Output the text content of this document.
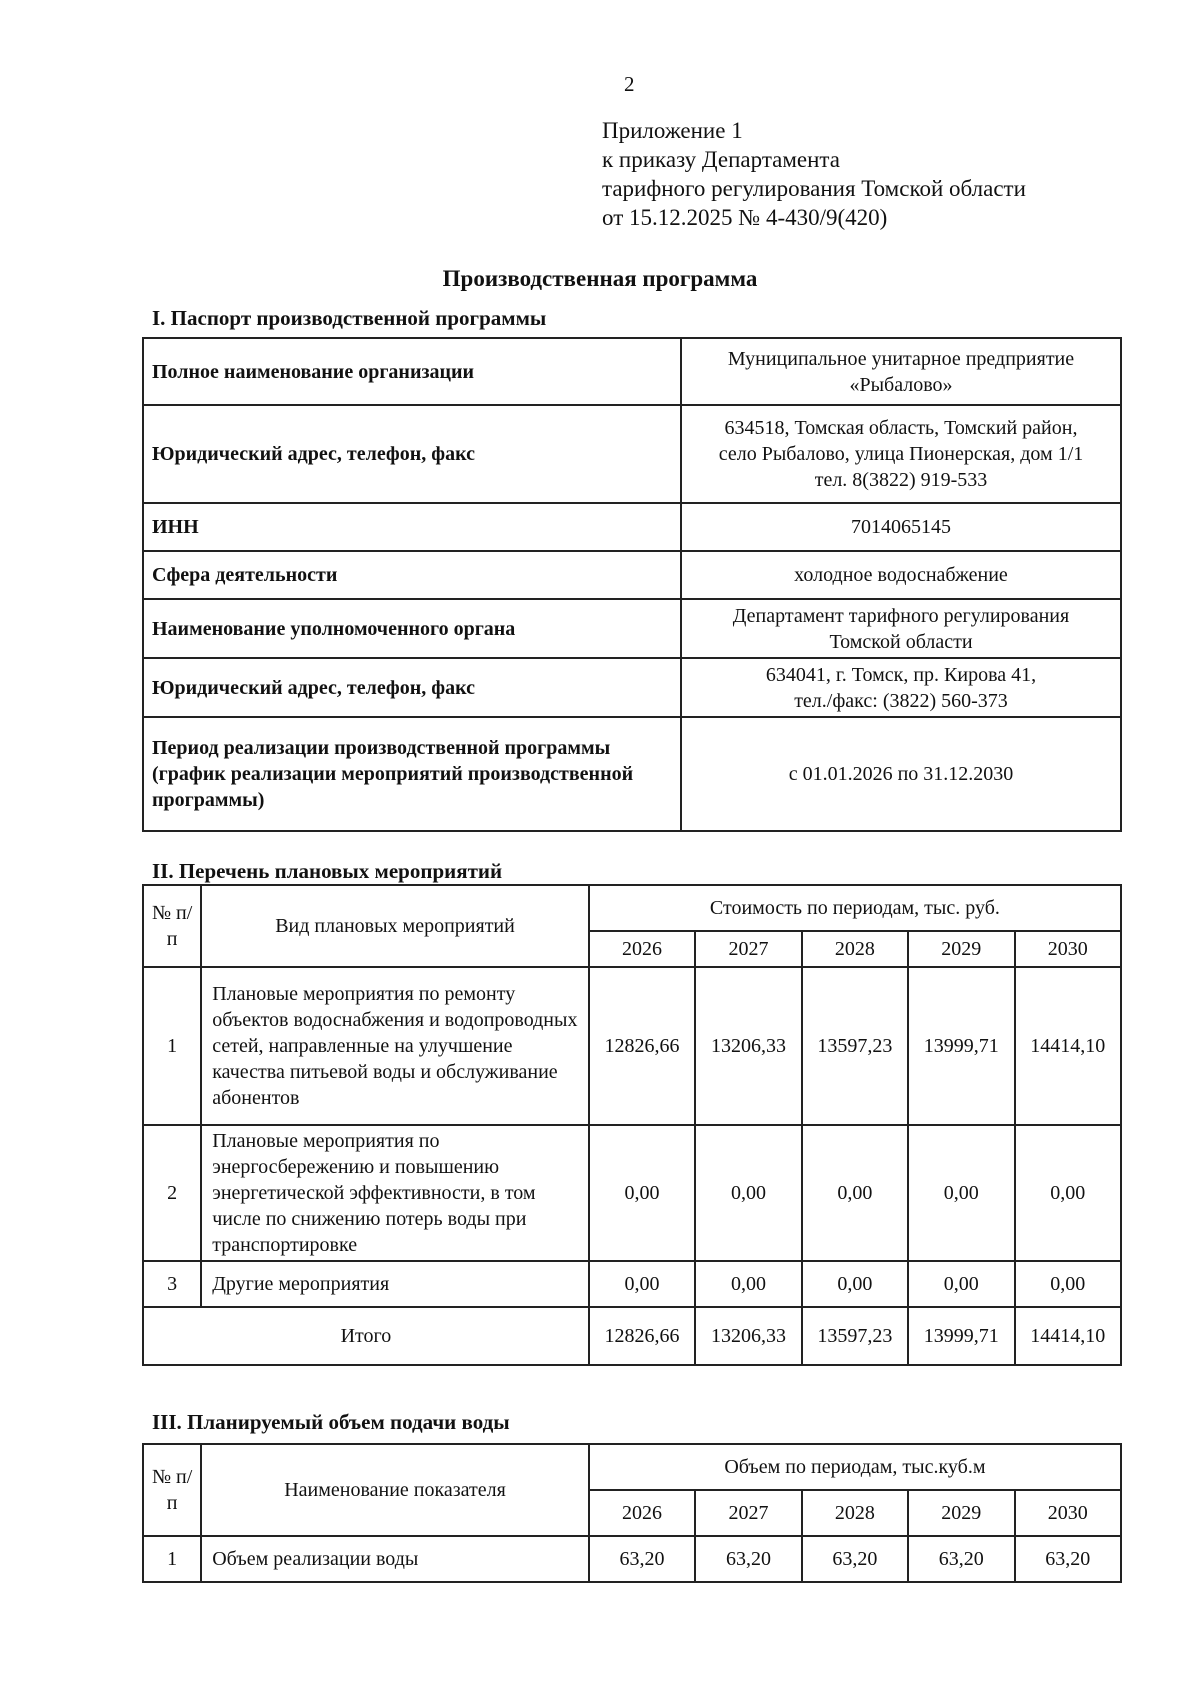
2
Приложение 1
к приказу Департамента
тарифного регулирования Томской области
от 15.12.2025 № 4-430/9(420)
Производственная программа
I. Паспорт производственной программы
Полное наименование организации	Муниципальное унитарное предприятие
«Рыбалово»

Юридический адрес, телефон, факс	634518, Томская область, Томский район,
село Рыбалово, улица Пионерская, дом 1/1
тел. 8(3822) 919-533

ИНН	7014065145

Сфера деятельности	холодное водоснабжение

Наименование уполномоченного органа	Департамент тарифного регулирования
Томской области

Юридический адрес, телефон, факс	634041, г. Томск, пр. Кирова 41,
тел./факс: (3822) 560-373

Период реализации производственной программы (график реализации мероприятий производственной программы)	с 01.01.2026 по 31.12.2030
II. Перечень плановых мероприятий
№ п/п	Вид плановых мероприятий	Стоимость по периодам, тыс. руб.				
		2026	2027	2028	2029	2030
1	Плановые мероприятия по ремонту объектов водоснабжения и водопроводных сетей, направленные на улучшение качества питьевой воды и обслуживание абонентов	12826,66	13206,33	13597,23	13999,71	14414,10
2	Плановые мероприятия по энергосбережению и повышению энергетической эффективности, в том числе по снижению потерь воды при транспортировке	0,00	0,00	0,00	0,00	0,00
3	Другие мероприятия	0,00	0,00	0,00	0,00	0,00
Итого		12826,66	13206,33	13597,23	13999,71	14414,10
III. Планируемый объем подачи воды
№ п/п	Наименование показателя	Объем по периодам, тыс.куб.м				
		2026	2027	2028	2029	2030
1	Объем реализации воды	63,20	63,20	63,20	63,20	63,20
